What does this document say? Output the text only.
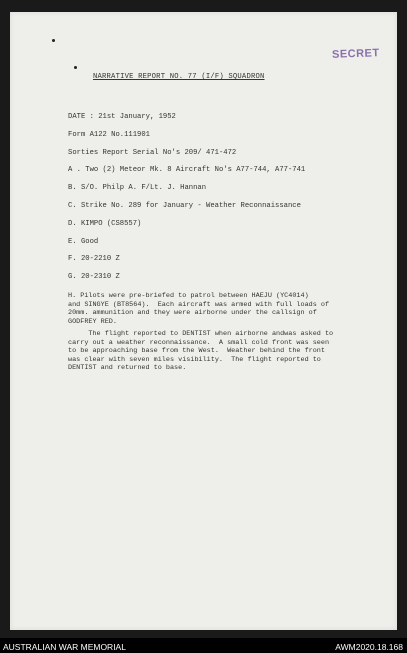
SECRET
NARRATIVE REPORT NO. 77 (I/F) SQUADRON
DATE : 21st January, 1952
Form A122 No.111901
Sorties Report Serial No's 209/ 471-472
A . Two (2) Meteor Mk. 8 Aircraft No's A77-744, A77-741
B. S/O. Philp A. F/Lt. J. Hannan
C. Strike No. 289 for January - Weather Reconnaissance
D. KIMPO (CS8557)
E. Good
F. 20-2210 Z
G. 20-2310 Z
H. Pilots were pre-briefed to patrol between HAEJU (YC4014)
and SINGYE (BT8564).  Each aircraft was armed with full loads of
20mm. ammunition and they were airborne under the callsign of
GODFREY RED.
The flight reported to DENTIST when airborne andwas asked to
carry out a weather reconnaissance.  A small cold front was seen
to be approaching base from the West.  Weather behind the front
was clear with seven miles visibility.  The flight reported to
DENTIST and returned to base.
AUSTRALIAN WAR MEMORIAL	AWM2020.18.168
